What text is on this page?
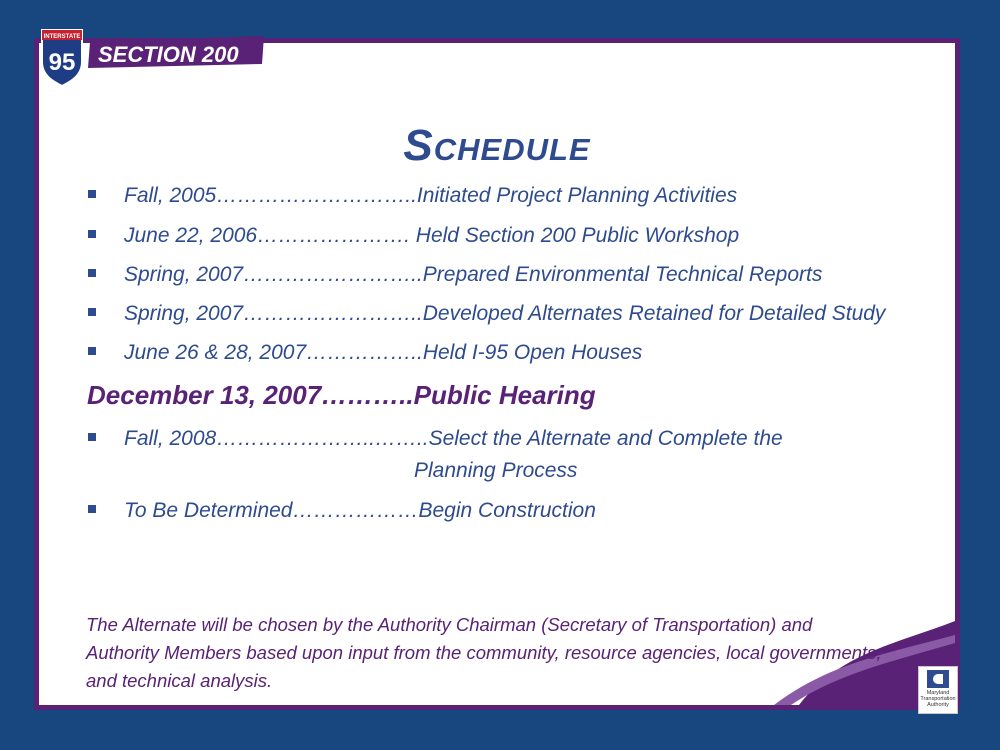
Schedule
INTERSTATE
95 SECTION 200
Fall, 2005………………………..Initiated Project Planning Activities
June 22, 2006…………………. Held Section 200 Public Workshop
Spring, 2007……………………..Prepared Environmental Technical Reports
Spring, 2007……………………..Developed Alternates Retained for Detailed Study
June 26 & 28, 2007……………..Held I-95 Open Houses
December 13, 2007………..Public Hearing
Fall, 2008…………………..……..Select the Alternate and Complete the
Planning Process
To Be Determined………………Begin Construction

The Alternate will be chosen by the Authority Chairman (Secretary of Transportation) and Authority Members based upon input from the community, resource agencies, local governments, and technical analysis.

Maryland
Transportation
Authority
